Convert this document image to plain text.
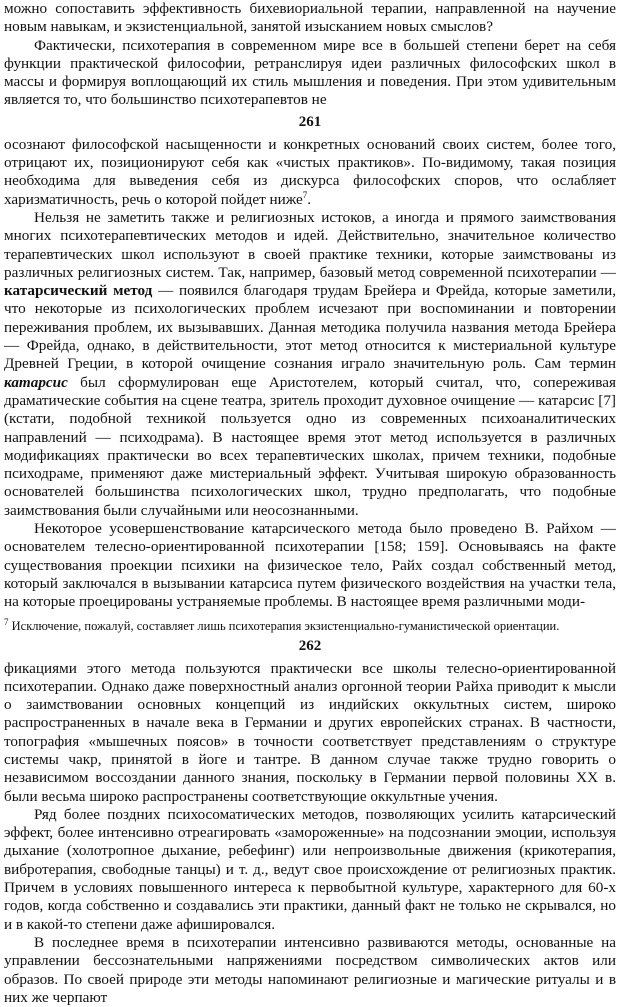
можно сопоставить эффективность бихевиориальной терапии, направленной на научение новым навыкам, и экзистенциальной, занятой изысканием новых смыслов?

Фактически, психотерапия в современном мире все в большей степени берет на себя функции практической философии, ретранслируя идеи различных философских школ в массы и формируя воплощающий их стиль мышления и поведения. При этом удивительным является то, что большинство психотерапевтов не

261

осознают философской насыщенности и конкретных оснований своих систем, более того, отрицают их, позиционируют себя как «чистых практиков». По-видимому, такая позиция необходима для выведения себя из дискурса философских споров, что ослабляет харизматичность, речь о которой пойдет ниже$^7$.

Нельзя не заметить также и религиозных истоков, а иногда и прямого заимствования многих психотерапевтических методов и идей. Действительно, значительное количество терапевтических школ используют в своей практике техники, которые заимствованы из различных религиозных систем. Так, например, базовый метод современной психотерапии — катарсический метод — появился благодаря трудам Брейера и Фрейда, которые заметили, что некоторые из психологических проблем исчезают при воспоминании и повторении переживания проблем, их вызывавших. Данная методика получила названия метода Брейера — Фрейда, однако, в действительности, этот метод относится к мистериальной культуре Древней Греции, в которой очищение сознания играло значительную роль. Сам термин катарсис был сформулирован еще Аристотелем, который считал, что, сопереживая драматические события на сцене театра, зритель проходит духовное очищение — катарсис [7] (кстати, подобной техникой пользуется одно из современных психоаналитических направлений — психодрама). В настоящее время этот метод используется в различных модификациях практически во всех терапевтических школах, причем техники, подобные психодраме, применяют даже мистериальный эффект. Учитывая широкую образованность основателей большинства психологических школ, трудно предполагать, что подобные заимствования были случайными или неосознанными.

Некоторое усовершенствование катарсического метода было проведено В. Райхом — основателем телесно-ориентированной психотерапии [158; 159]. Основываясь на факте существования проекции психики на физическое тело, Райх создал собственный метод, который заключался в вызывании катарсиса путем физического воздействия на участки тела, на которые проецированы устраняемые проблемы. В настоящее время различными моди-

$^7$ Исключение, пожалуй, составляет лишь психотерапия экзистенциально-гуманистической ориентации.

262

фикациями этого метода пользуются практически все школы телесно-ориентированной психотерапии. Однако даже поверхностный анализ оргонной теории Райха приводит к мысли о заимствовании основных концепций из индийских оккультных систем, широко распространенных в начале века в Германии и других европейских странах. В частности, топография «мышечных поясов» в точности соответствует представлениям о структуре системы чакр, принятой в йоге и тантре. В данном случае также трудно говорить о независимом воссоздании данного знания, поскольку в Германии первой половины XX в. были весьма широко распространены соответствующие оккультные учения.

Ряд более поздних психосоматических методов, позволяющих усилить катарсический эффект, более интенсивно отреагировать «замороженные» на подсознании эмоции, используя дыхание (холотропное дыхание, ребефинг) или непроизвольные движения (крикотерапия, вибротерапия, свободные танцы) и т. д., ведут свое происхождение от религиозных практик. Причем в условиях повышенного интереса к первобытной культуре, характерного для 60-х годов, когда собственно и создавались эти практики, данный факт не только не скрывался, но и в какой-то степени даже афишировался.

В последнее время в психотерапии интенсивно развиваются методы, основанные на управлении бессознательными напряжениями посредством символических актов или образов. По своей природе эти методы напоминают религиозные и магические ритуалы и в них же черпают
